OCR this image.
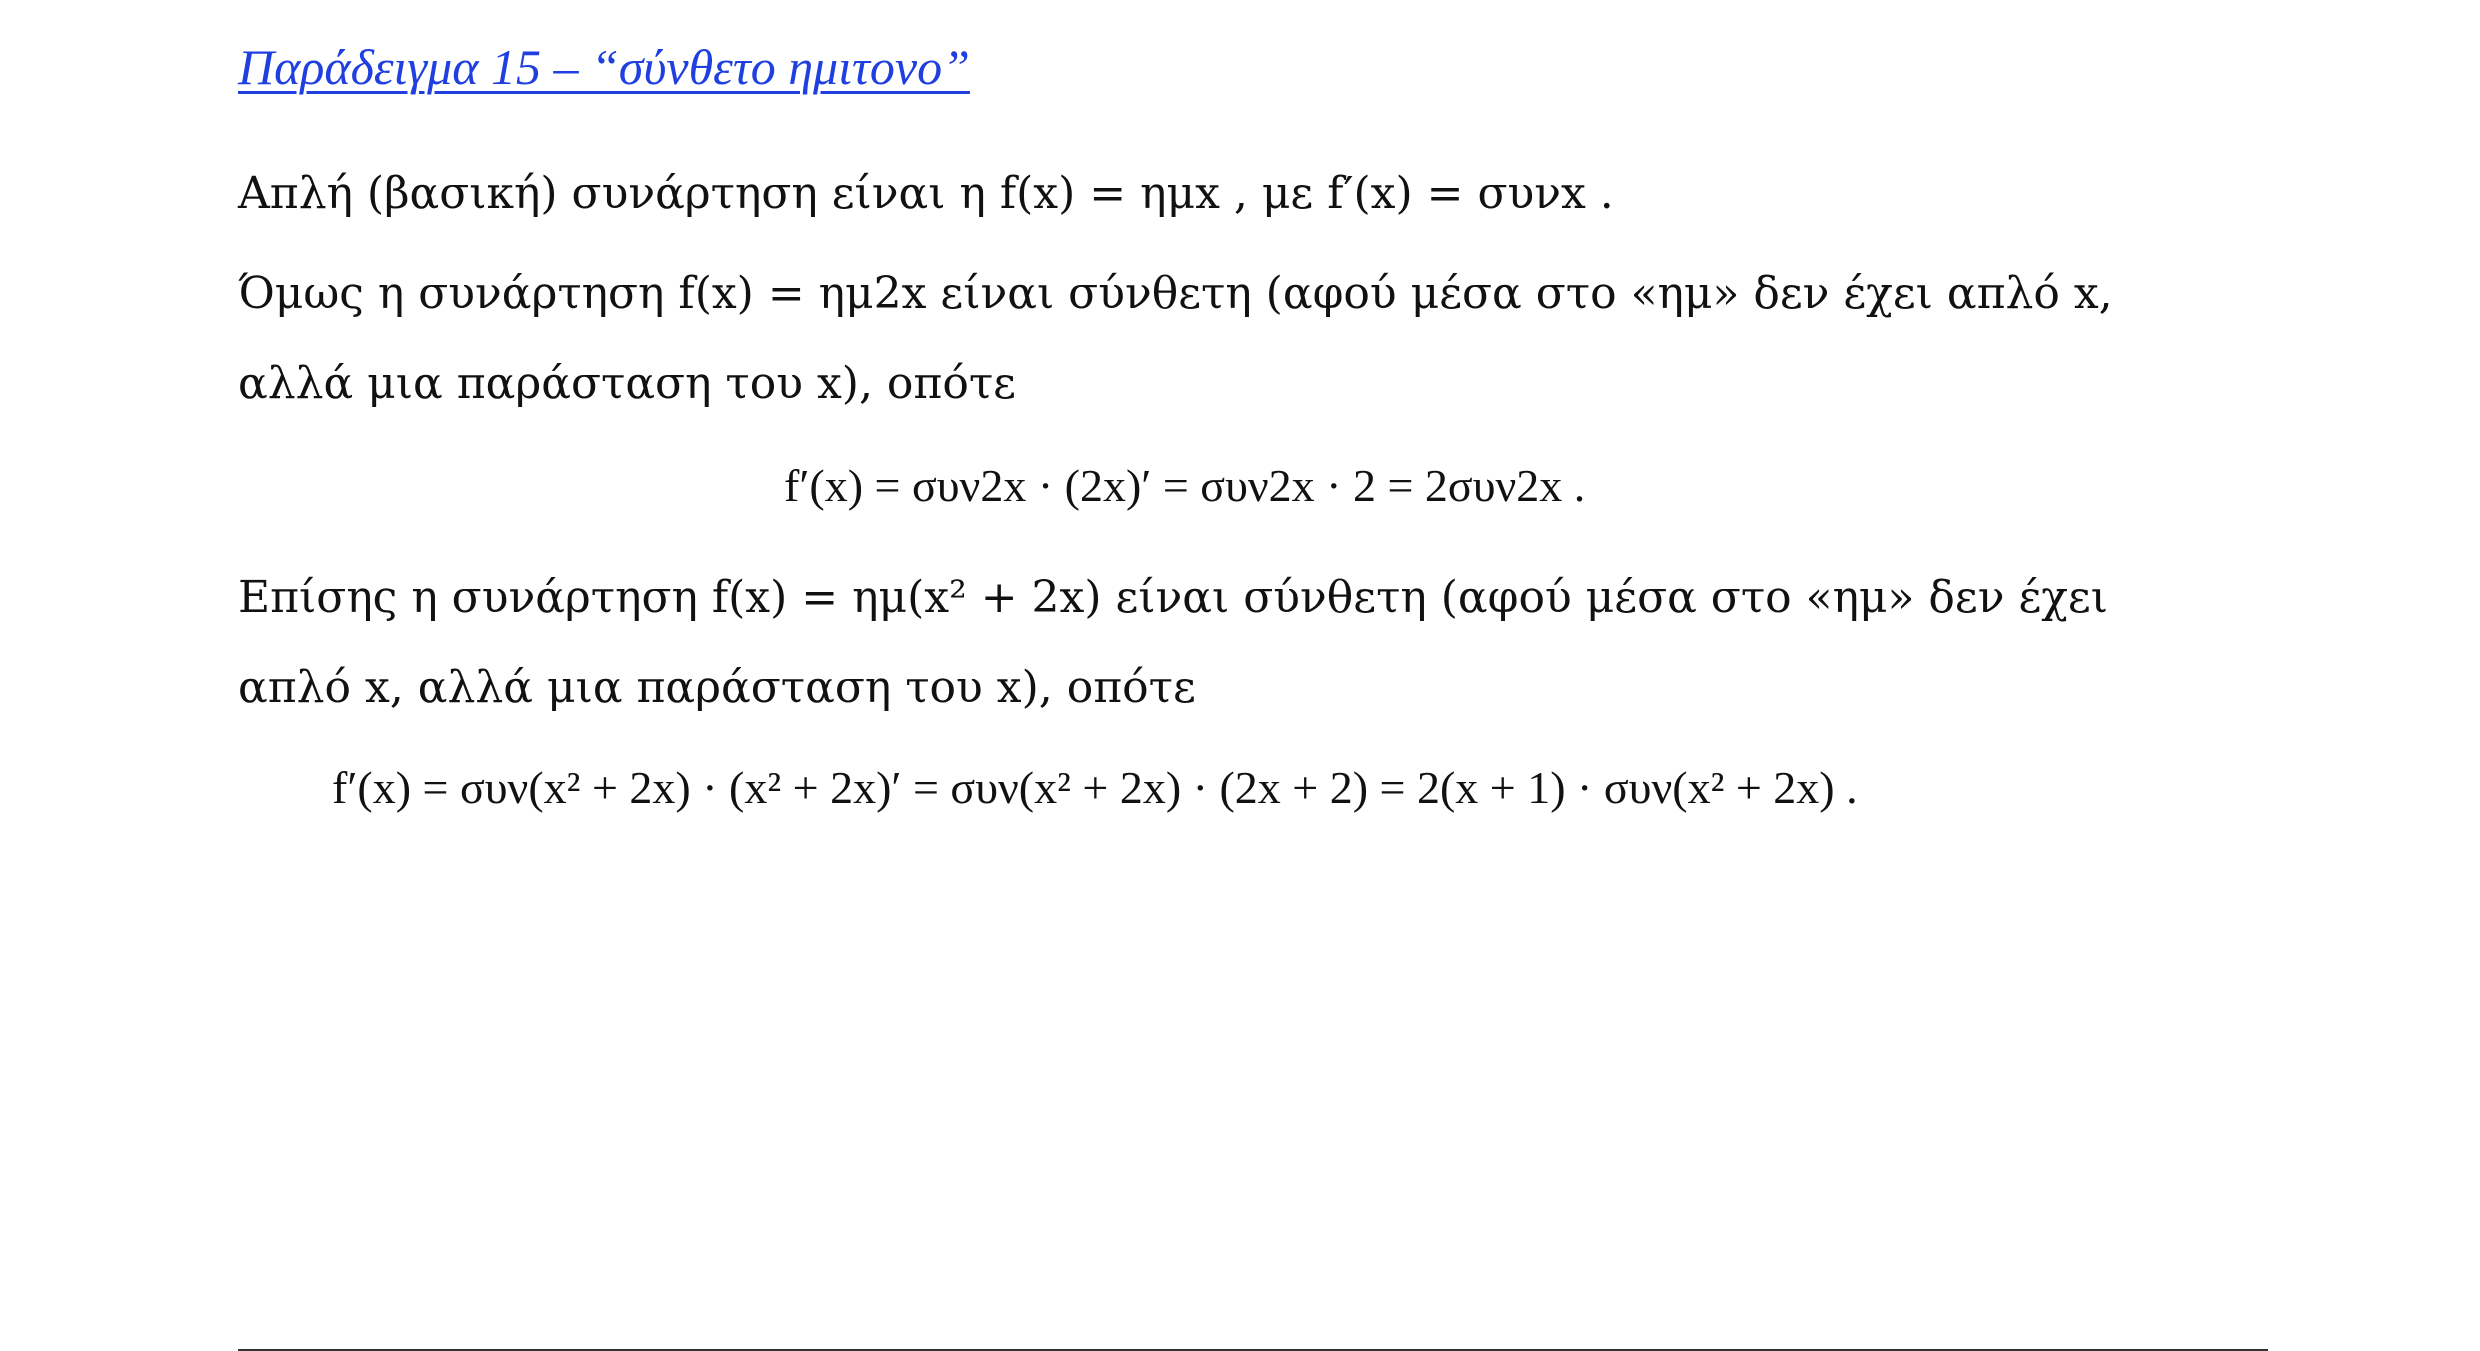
Παράδειγμα 15 – “σύνθετο ημιτονο”
Απλή (βασική) συνάρτηση είναι η f(x) = ημx , με f′(x) = συνx .
Όμως η συνάρτηση f(x) = ημ2x είναι σύνθετη (αφού μέσα στο «ημ» δεν έχει απλό x,
αλλά μια παράσταση του x), οπότε
f′(x) = συν2x · (2x)′ = συν2x · 2 = 2συν2x .
Επίσης η συνάρτηση f(x) = ημ(x² + 2x) είναι σύνθετη (αφού μέσα στο «ημ» δεν έχει
απλό x, αλλά μια παράσταση του x), οπότε
f′(x) = συν(x² + 2x) · (x² + 2x)′ = συν(x² + 2x) · (2x + 2) = 2(x + 1) · συν(x² + 2x) .
